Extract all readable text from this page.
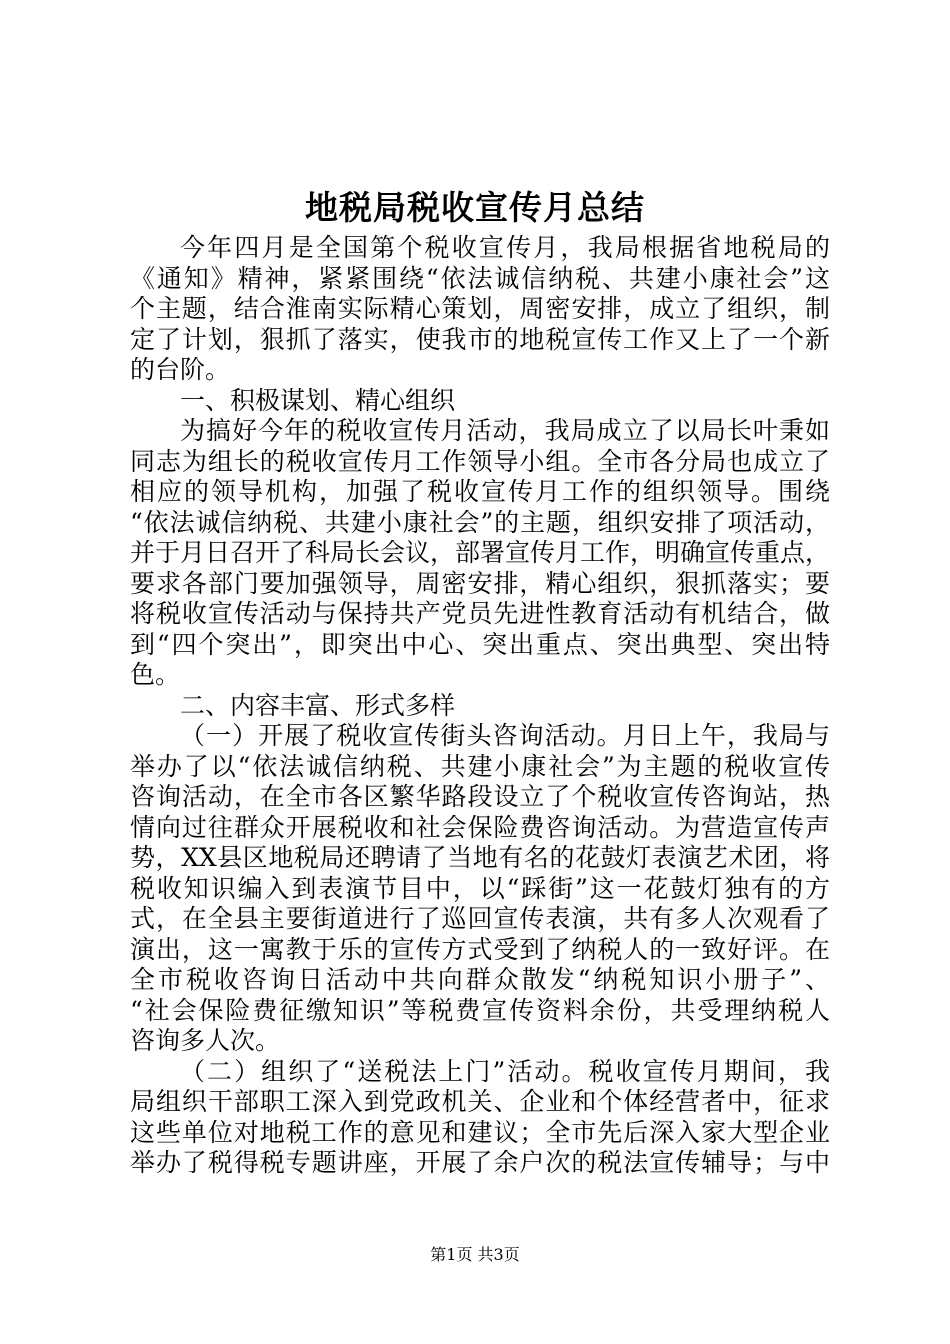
地税局税收宣传月总结
今年四月是全国第个税收宣传月，我局根据省地税局的
《通知》精神，紧紧围绕“依法诚信纳税、共建小康社会”这
个主题，结合淮南实际精心策划，周密安排，成立了组织，制
定了计划，狠抓了落实，使我市的地税宣传工作又上了一个新
的台阶。
一、积极谋划、精心组织
为搞好今年的税收宣传月活动，我局成立了以局长叶秉如
同志为组长的税收宣传月工作领导小组。全市各分局也成立了
相应的领导机构，加强了税收宣传月工作的组织领导。围绕
“依法诚信纳税、共建小康社会”的主题，组织安排了项活动，
并于月日召开了科局长会议，部署宣传月工作，明确宣传重点，
要求各部门要加强领导，周密安排，精心组织，狠抓落实；要
将税收宣传活动与保持共产党员先进性教育活动有机结合，做
到“四个突出”，即突出中心、突出重点、突出典型、突出特
色。
二、内容丰富、形式多样
（一）开展了税收宣传街头咨询活动。月日上午，我局与
举办了以“依法诚信纳税、共建小康社会”为主题的税收宣传
咨询活动，在全市各区繁华路段设立了个税收宣传咨询站，热
情向过往群众开展税收和社会保险费咨询活动。为营造宣传声
势，XX县区地税局还聘请了当地有名的花鼓灯表演艺术团，将
税收知识编入到表演节目中，以“踩街”这一花鼓灯独有的方
式，在全县主要街道进行了巡回宣传表演，共有多人次观看了
演出，这一寓教于乐的宣传方式受到了纳税人的一致好评。在
全市税收咨询日活动中共向群众散发“纳税知识小册子”、
“社会保险费征缴知识”等税费宣传资料余份，共受理纳税人
咨询多人次。
（二）组织了“送税法上门”活动。税收宣传月期间，我
局组织干部职工深入到党政机关、企业和个体经营者中，征求
这些单位对地税工作的意见和建议；全市先后深入家大型企业
举办了税得税专题讲座，开展了余户次的税法宣传辅导；与中
第1页 共3页
